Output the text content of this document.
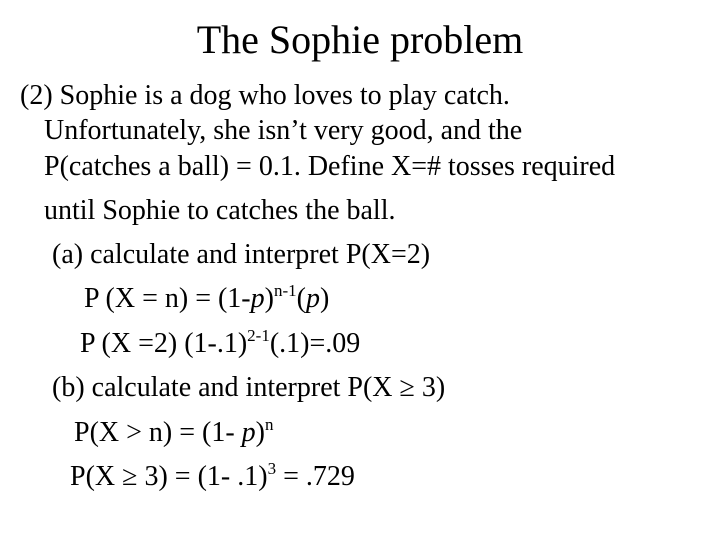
The Sophie problem

(2) Sophie is a dog who loves to play catch.

Unfortunately, she isn’t very good, and the

P(catches a ball) = 0.1. Define X=# tosses required

until Sophie to catches the ball.

(a) calculate and interpret P(X=2)

P $(X = n) = (1-p)^{n-1}(p)$

P (X =2) $(1-.1)^{2-1}(.1)=.09$

(b) calculate and interpret P(X ≥ 3)

P(X > n) = (1- p)$^n$

P(X ≥ 3) = (1- .1)$^3$ = .729
